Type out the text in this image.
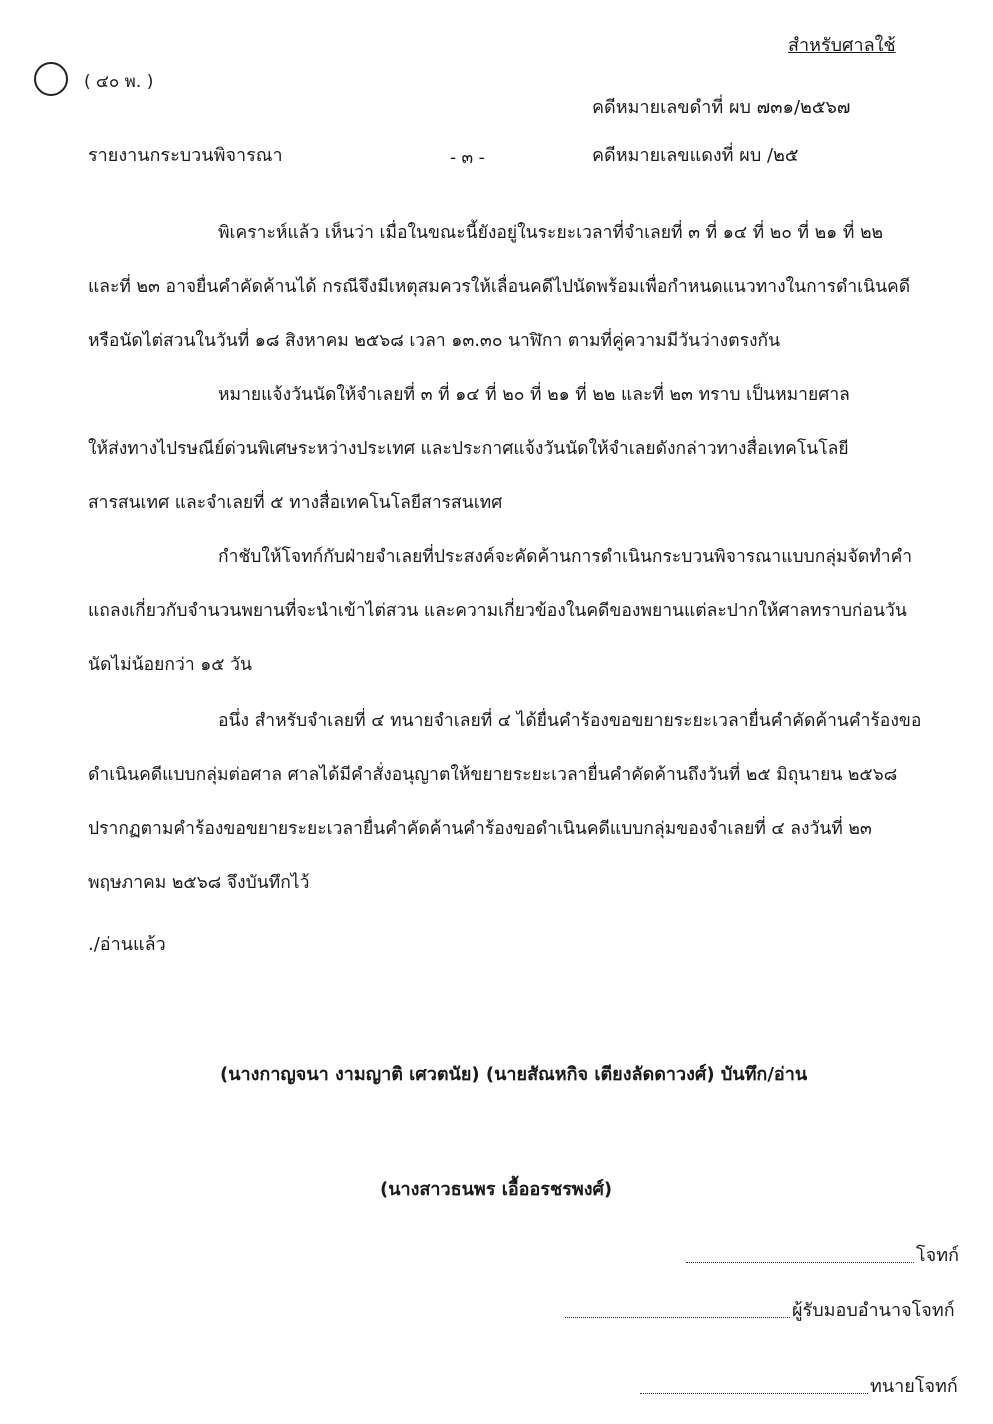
สำหรับศาลใช้
( ๔๐ พ. )
คดีหมายเลขดำที่ ผบ ๗๓๑/๒๕๖๗
รายงานกระบวนพิจารณา	- ๓ -	คดีหมายเลขแดงที่ ผบ /๒๕
พิเคราะห์แล้ว เห็นว่า เมื่อในขณะนี้ยังอยู่ในระยะเวลาที่จำเลยที่ ๓ ที่ ๑๔ ที่ ๒๐ ที่ ๒๑ ที่ ๒๒
และที่ ๒๓ อาจยื่นคำคัดค้านได้ กรณีจึงมีเหตุสมควรให้เลื่อนคดีไปนัดพร้อมเพื่อกำหนดแนวทางในการดำเนินคดี
หรือนัดไต่สวนในวันที่ ๑๘ สิงหาคม ๒๕๖๘ เวลา ๑๓.๓๐ นาฬิกา ตามที่คู่ความมีวันว่างตรงกัน
หมายแจ้งวันนัดให้จำเลยที่ ๓ ที่ ๑๔ ที่ ๒๐ ที่ ๒๑ ที่ ๒๒ และที่ ๒๓ ทราบ เป็นหมายศาล
ให้ส่งทางไปรษณีย์ด่วนพิเศษระหว่างประเทศ และประกาศแจ้งวันนัดให้จำเลยดังกล่าวทางสื่อเทคโนโลยี
สารสนเทศ และจำเลยที่ ๕ ทางสื่อเทคโนโลยีสารสนเทศ
กำชับให้โจทก์กับฝ่ายจำเลยที่ประสงค์จะคัดค้านการดำเนินกระบวนพิจารณาแบบกลุ่มจัดทำคำ
แถลงเกี่ยวกับจำนวนพยานที่จะนำเข้าไต่สวน และความเกี่ยวข้องในคดีของพยานแต่ละปากให้ศาลทราบก่อนวัน
นัดไม่น้อยกว่า ๑๕ วัน
อนึ่ง สำหรับจำเลยที่ ๔ ทนายจำเลยที่ ๔ ได้ยื่นคำร้องขอขยายระยะเวลายื่นคำคัดค้านคำร้องขอ
ดำเนินคดีแบบกลุ่มต่อศาล ศาลได้มีคำสั่งอนุญาตให้ขยายระยะเวลายื่นคำคัดค้านถึงวันที่ ๒๕ มิถุนายน ๒๕๖๘
ปรากฏตามคำร้องขอขยายระยะเวลายื่นคำคัดค้านคำร้องขอดำเนินคดีแบบกลุ่มของจำเลยที่ ๔ ลงวันที่ ๒๓
พฤษภาคม ๒๕๖๘ จึงบันทึกไว้
./อ่านแล้ว
(นางกาญจนา งามญาติ เศวตนัย) (นายสัณหกิจ เตียงลัดดาวงศ์) บันทึก/อ่าน
(นางสาวธนพร เอื้ออรชรพงศ์)
โจทก์
ผู้รับมอบอำนาจโจทก์
ทนายโจทก์
